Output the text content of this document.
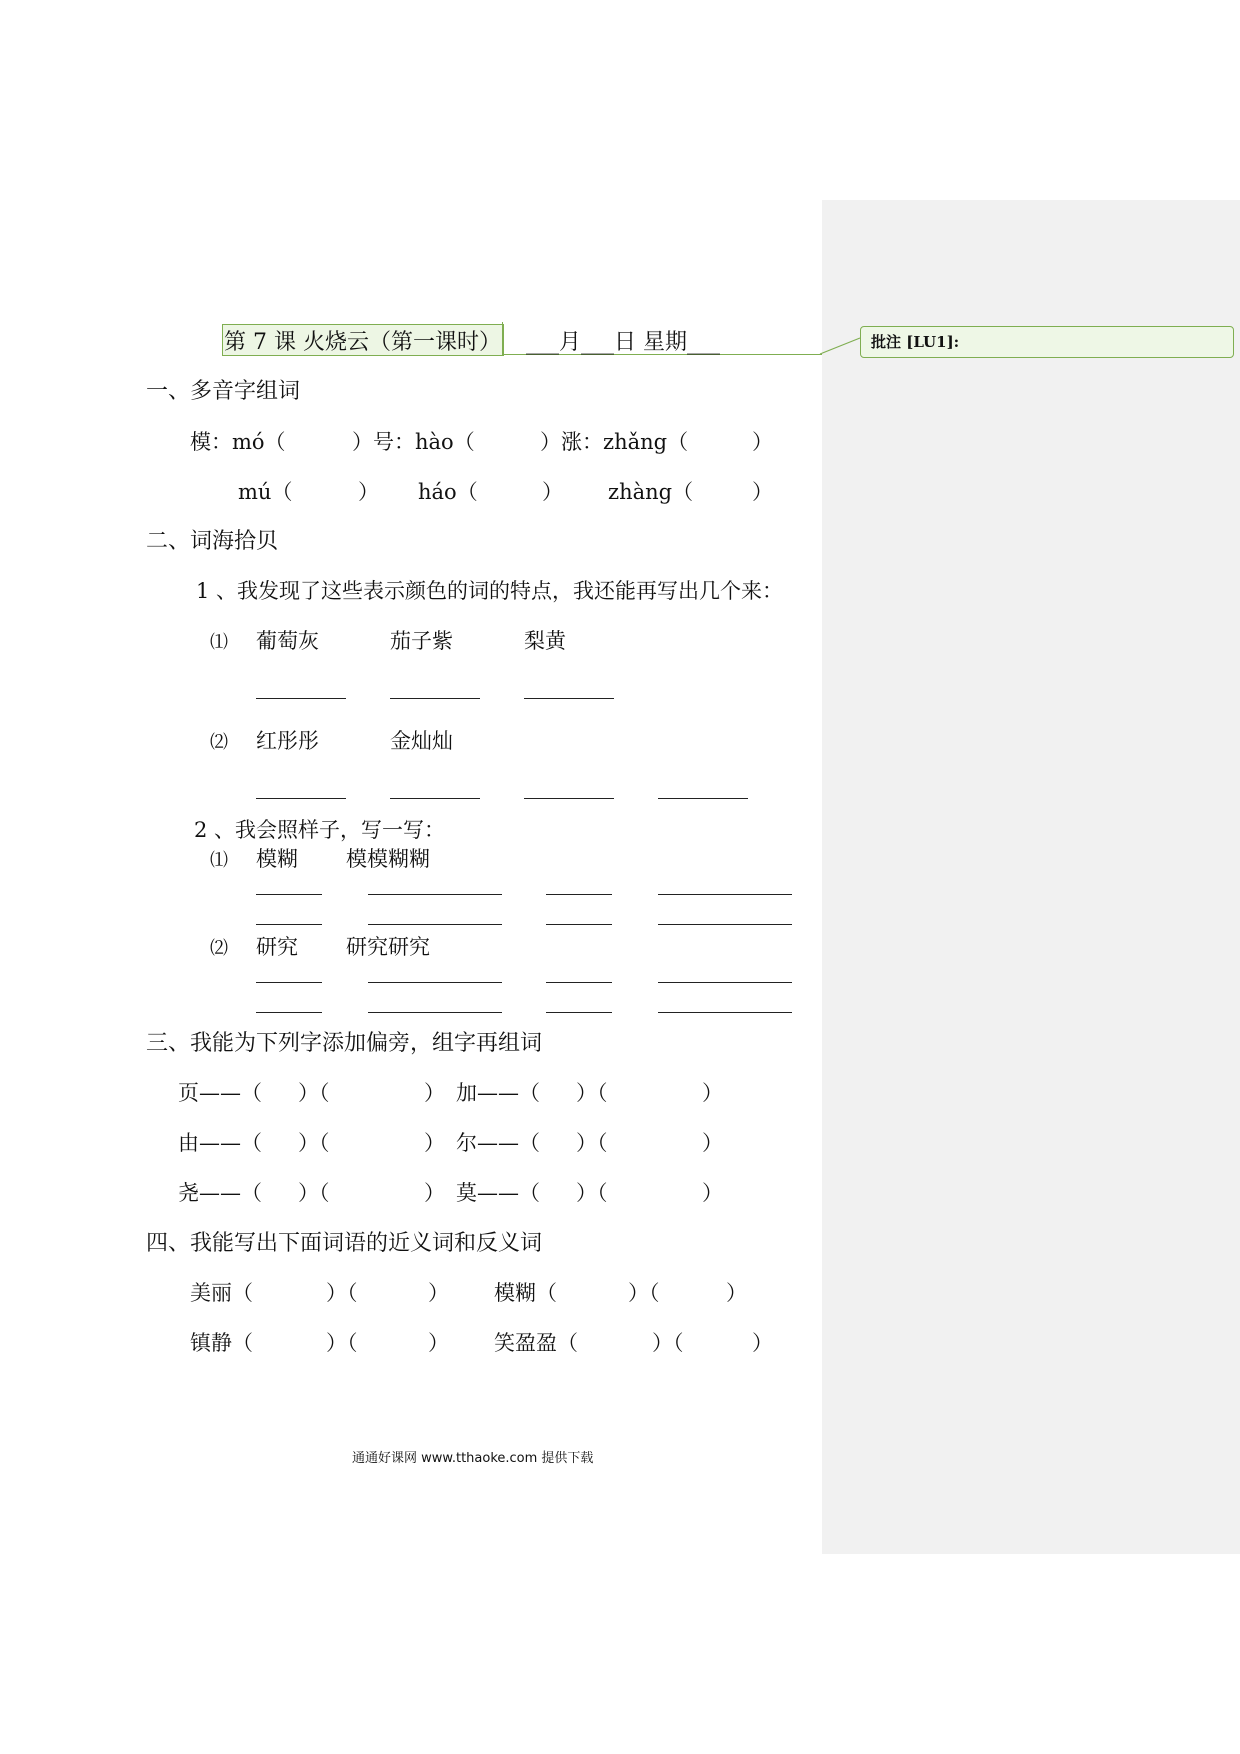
第 7 课 火烧云（第一课时） ___月___日 星期___	批注 [LU1]:
一、多音字组词
模：mó（	）号：hào（	）涨：zhǎng（	）
mú（	） háo（	） zhàng（	）
二、词海拾贝
1 、我发现了这些表示颜色的词的特点，我还能再写出几个来：
⑴ 葡萄灰	茄子紫	梨黄
⑵ 红彤彤	金灿灿
2 、我会照样子，写一写：
⑴ 模糊 模模糊糊
⑵ 研究 研究研究
三、我能为下列字添加偏旁，组字再组词
页——（ ）（	） 加——（ ）（	）
由——（ ）（	） 尔——（ ）（	）
尧——（ ）（	） 莫——（ ）（	）
四、我能写出下面词语的近义词和反义词
美丽（	）（	） 模糊（	）（	）
镇静（	）（	） 笑盈盈（	）（	）
通通好课网 www.tthaoke.com 提供下载
